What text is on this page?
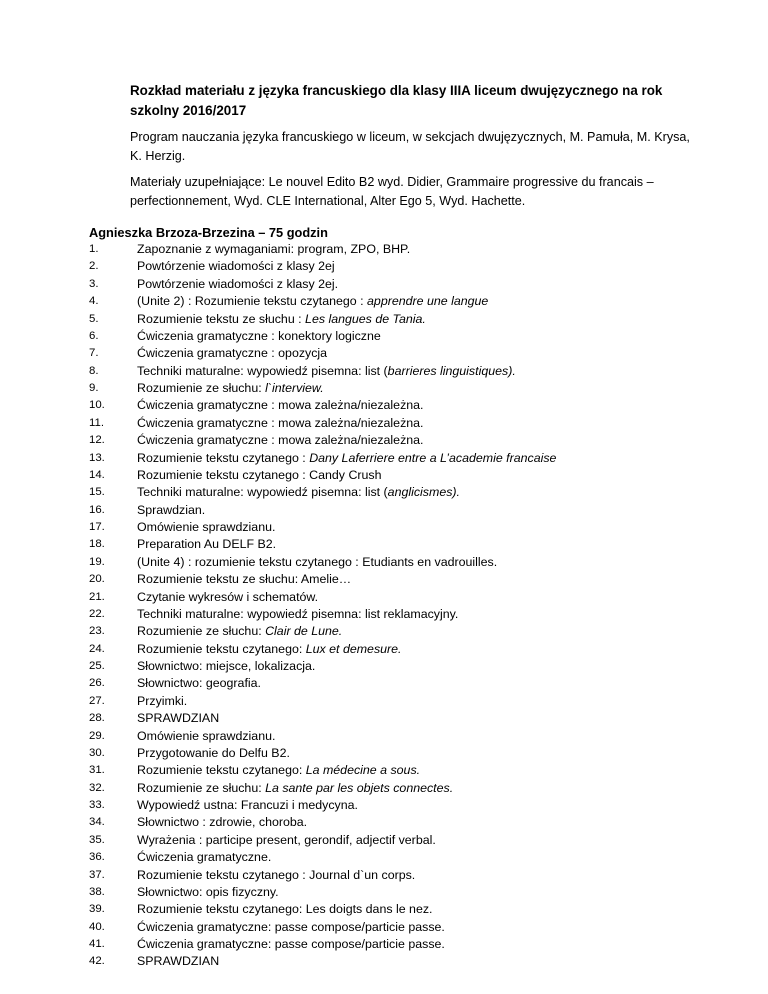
Rozkład materiału z języka francuskiego dla klasy IIIA liceum dwujęzycznego na rok szkolny 2016/2017
Program nauczania języka francuskiego w liceum, w sekcjach dwujęzycznych, M. Pamuła, M. Krysa, K. Herzig.
Materiały uzupełniające: Le nouvel Edito B2 wyd. Didier, Grammaire progressive du francais – perfectionnement, Wyd. CLE International, Alter Ego 5, Wyd. Hachette.
Agnieszka Brzoza-Brzezina – 75 godzin
1.	Zapoznanie z wymaganiami: program, ZPO, BHP.
2.	Powtórzenie wiadomości z klasy 2ej
3.	Powtórzenie wiadomości z klasy 2ej.
4.	(Unite 2) : Rozumienie tekstu czytanego : apprendre une langue
5.	Rozumienie tekstu ze słuchu : Les langues de Tania.
6.	Ćwiczenia gramatyczne : konektory logiczne
7.	Ćwiczenia gramatyczne : opozycja
8.	Techniki maturalne: wypowiedź pisemna: list (barrieres linguistiques).
9.	Rozumienie ze słuchu: l`interview.
10.	Ćwiczenia gramatyczne : mowa zależna/niezależna.
11.	Ćwiczenia gramatyczne : mowa zależna/niezależna.
12.	Ćwiczenia gramatyczne : mowa zależna/niezależna.
13.	Rozumienie tekstu czytanego : Dany Laferriere entre a L’academie francaise
14.	Rozumienie tekstu czytanego : Candy Crush
15.	Techniki maturalne: wypowiedź pisemna: list (anglicismes).
16.	Sprawdzian.
17.	Omówienie sprawdzianu.
18.	Preparation Au DELF B2.
19.	(Unite 4) : rozumienie tekstu czytanego : Etudiants en vadrouilles.
20.	Rozumienie tekstu ze słuchu: Amelie…
21.	Czytanie wykresów i schematów.
22.	Techniki maturalne: wypowiedź pisemna: list reklamacyjny.
23.	Rozumienie ze słuchu: Clair de Lune.
24.	Rozumienie tekstu czytanego: Lux et demesure.
25.	Słownictwo: miejsce, lokalizacja.
26.	Słownictwo: geografia.
27.	Przyimki.
28.	SPRAWDZIAN
29.	Omówienie sprawdzianu.
30.	Przygotowanie do Delfu B2.
31.	Rozumienie tekstu czytanego: La médecine a sous.
32.	Rozumienie ze słuchu: La sante par les objets connectes.
33.	Wypowiedź ustna: Francuzi i medycyna.
34.	Słownictwo : zdrowie, choroba.
35.	Wyrażenia : participe present, gerondif, adjectif verbal.
36.	Ćwiczenia gramatyczne.
37.	Rozumienie tekstu czytanego : Journal d`un corps.
38.	Słownictwo: opis fizyczny.
39.	Rozumienie tekstu czytanego: Les doigts dans le nez.
40.	Ćwiczenia gramatyczne: passe compose/particie passe.
41.	Ćwiczenia gramatyczne: passe compose/particie passe.
42.	SPRAWDZIAN
